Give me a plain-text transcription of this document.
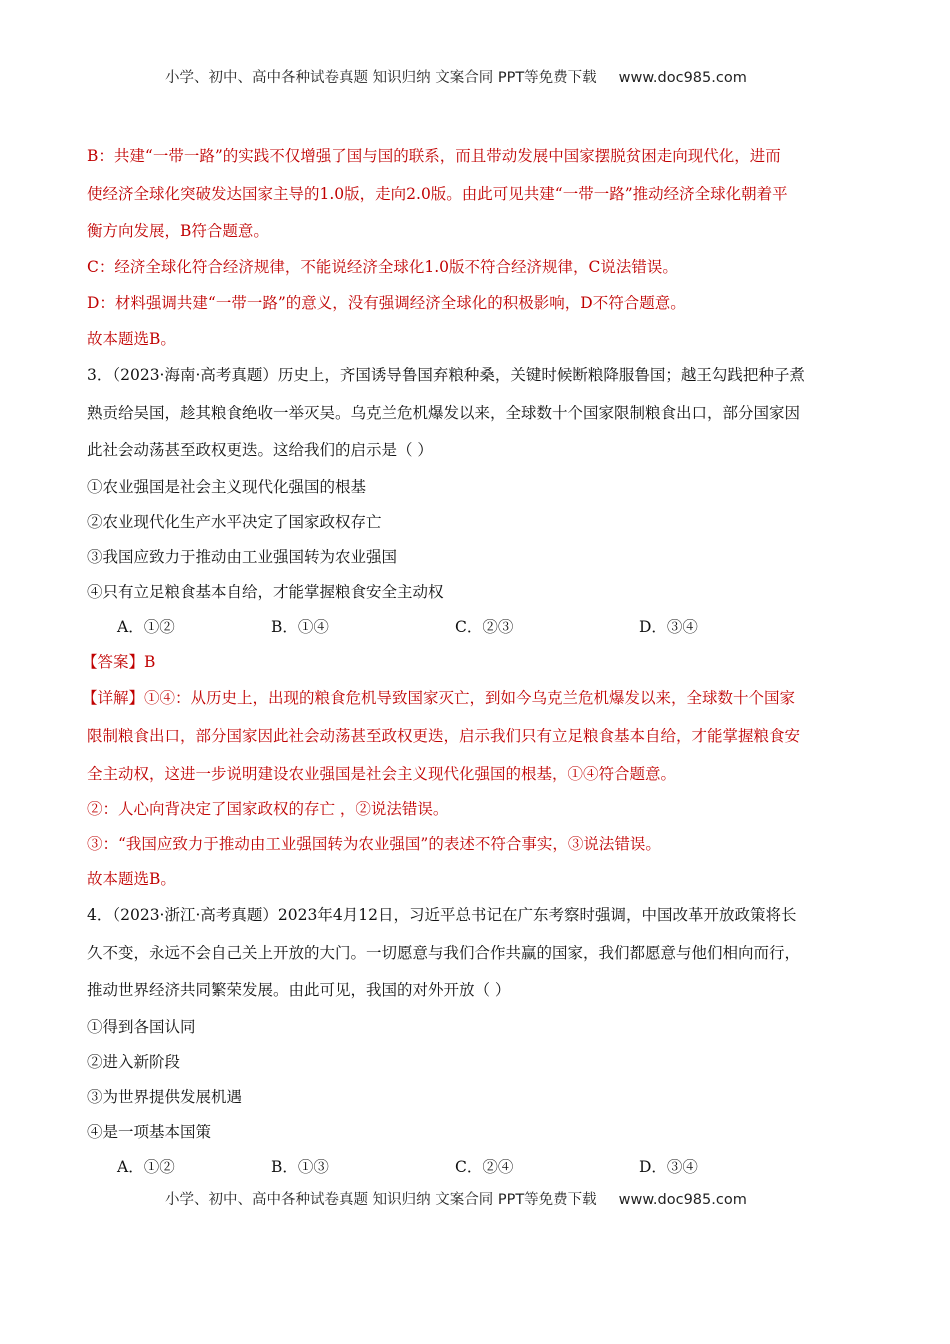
小学、初中、高中各种试卷真题 知识归纳 文案合同 PPT等免费下载 www.doc985.com
B：共建“一带一路”的实践不仅增强了国与国的联系，而且带动发展中国家摆脱贫困走向现代化，进而
使经济全球化突破发达国家主导的1.0版，走向2.0版。由此可见共建“一带一路”推动经济全球化朝着平
衡方向发展，B符合题意。
C：经济全球化符合经济规律，不能说经济全球化1.0版不符合经济规律，C说法错误。
D：材料强调共建“一带一路”的意义，没有强调经济全球化的积极影响，D不符合题意。
故本题选B。
3．（2023·海南·高考真题）历史上，齐国诱导鲁国弃粮种桑，关键时候断粮降服鲁国；越王勾践把种子煮
熟贡给吴国，趁其粮食绝收一举灭吴。乌克兰危机爆发以来，全球数十个国家限制粮食出口，部分国家因
此社会动荡甚至政权更迭。这给我们的启示是（ ）
①农业强国是社会主义现代化强国的根基
②农业现代化生产水平决定了国家政权存亡
③我国应致力于推动由工业强国转为农业强国
④只有立足粮食基本自给，才能掌握粮食安全主动权
A．①②	B．①④	C．②③	D．③④
【答案】B
【详解】①④：从历史上，出现的粮食危机导致国家灭亡，到如今乌克兰危机爆发以来，全球数十个国家
限制粮食出口，部分国家因此社会动荡甚至政权更迭，启示我们只有立足粮食基本自给，才能掌握粮食安
全主动权，这进一步说明建设农业强国是社会主义现代化强国的根基，①④符合题意。
②：人心向背决定了国家政权的存亡 ，②说法错误。
③：“我国应致力于推动由工业强国转为农业强国”的表述不符合事实，③说法错误。
故本题选B。
4．（2023·浙江·高考真题）2023年4月12日，习近平总书记在广东考察时强调，中国改革开放政策将长
久不变，永远不会自己关上开放的大门。一切愿意与我们合作共赢的国家，我们都愿意与他们相向而行，
推动世界经济共同繁荣发展。由此可见，我国的对外开放（ ）
①得到各国认同
②进入新阶段
③为世界提供发展机遇
④是一项基本国策
A．①②	B．①③	C．②④	D．③④
小学、初中、高中各种试卷真题 知识归纳 文案合同 PPT等免费下载 www.doc985.com
